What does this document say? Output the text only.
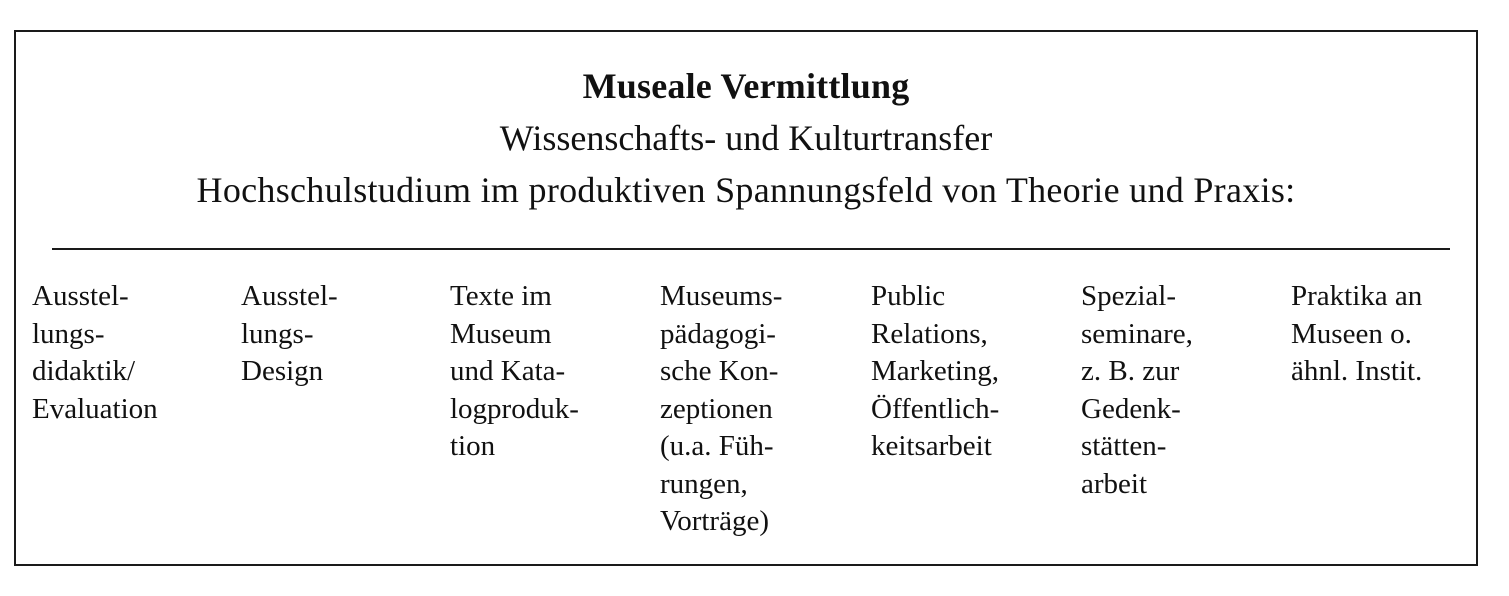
Museale Vermittlung
Wissenschafts- und Kulturtransfer
Hochschulstudium im produktiven Spannungsfeld von Theorie und Praxis:
Ausstel-
lungs-
didaktik/
Evaluation
Ausstel-
lungs-
Design
Texte im
Museum
und Kata-
logproduk-
tion
Museums-
pädagogi-
sche Kon-
zeptionen
(u.a. Füh-
rungen,
Vorträge)
Public
Relations,
Marketing,
Öffentlich-
keitsarbeit
Spezial-
seminare,
z. B. zur
Gedenk-
stätten-
arbeit
Praktika an
Museen o.
ähnl. Instit.
